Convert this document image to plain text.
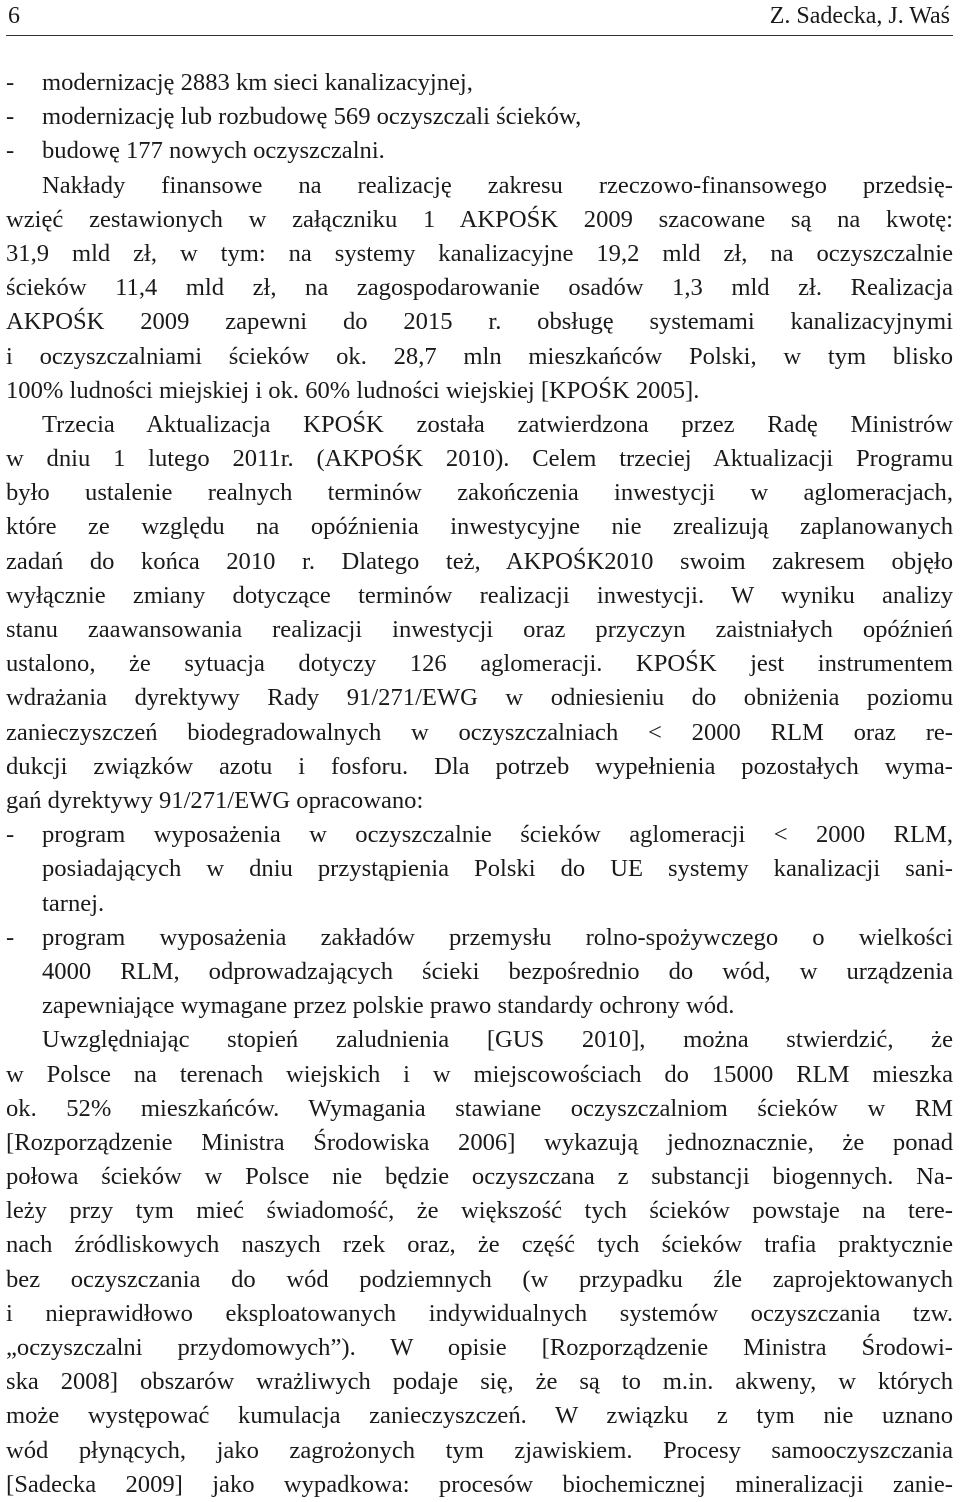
6	Z. Sadecka, J. Waś
-	modernizację 2883 km sieci kanalizacyjnej,
-	modernizację lub rozbudowę 569 oczyszczali ścieków,
-	budowę 177 nowych oczyszczalni.
Nakłady finansowe na realizację zakresu rzeczowo-finansowego przedsię-
wzięć zestawionych w załączniku 1 AKPOŚK 2009 szacowane są na kwotę:
31,9 mld zł, w tym: na systemy kanalizacyjne 19,2 mld zł, na oczyszczalnie
ścieków 11,4 mld zł, na zagospodarowanie osadów 1,3 mld zł. Realizacja
AKPOŚK 2009 zapewni do 2015 r. obsługę systemami kanalizacyjnymi
i oczyszczalniami ścieków ok. 28,7 mln mieszkańców Polski, w tym blisko
100% ludności miejskiej i ok. 60% ludności wiejskiej [KPOŚK 2005].
Trzecia Aktualizacja KPOŚK została zatwierdzona przez Radę Ministrów
w dniu 1 lutego 2011r. (AKPOŚK 2010). Celem trzeciej Aktualizacji Programu
było ustalenie realnych terminów zakończenia inwestycji w aglomeracjach,
które ze względu na opóźnienia inwestycyjne nie zrealizują zaplanowanych
zadań do końca 2010 r. Dlatego też, AKPOŚK2010 swoim zakresem objęło
wyłącznie zmiany dotyczące terminów realizacji inwestycji. W wyniku analizy
stanu zaawansowania realizacji inwestycji oraz przyczyn zaistniałych opóźnień
ustalono, że sytuacja dotyczy 126 aglomeracji. KPOŚK jest instrumentem
wdrażania dyrektywy Rady 91/271/EWG w odniesieniu do obniżenia poziomu
zanieczyszczeń biodegradowalnych w oczyszczalniach < 2000 RLM oraz re-
dukcji związków azotu i fosforu. Dla potrzeb wypełnienia pozostałych wyma-
gań dyrektywy 91/271/EWG opracowano:
-	program wyposażenia w oczyszczalnie ścieków aglomeracji < 2000 RLM,
posiadających w dniu przystąpienia Polski do UE systemy kanalizacji sani-
tarnej.
-	program wyposażenia zakładów przemysłu rolno-spożywczego o wielkości
4000 RLM, odprowadzających ścieki bezpośrednio do wód, w urządzenia
zapewniające wymagane przez polskie prawo standardy ochrony wód.
Uwzględniając stopień zaludnienia [GUS 2010], można stwierdzić, że
w Polsce na terenach wiejskich i w miejscowościach do 15000 RLM mieszka
ok. 52% mieszkańców. Wymagania stawiane oczyszczalniom ścieków w RM
[Rozporządzenie Ministra Środowiska 2006] wykazują jednoznacznie, że ponad
połowa ścieków w Polsce nie będzie oczyszczana z substancji biogennych. Na-
leży przy tym mieć świadomość, że większość tych ścieków powstaje na tere-
nach źródliskowych naszych rzek oraz, że część tych ścieków trafia praktycznie
bez oczyszczania do wód podziemnych (w przypadku źle zaprojektowanych
i nieprawidłowo eksploatowanych indywidualnych systemów oczyszczania tzw.
„oczyszczalni przydomowych”). W opisie [Rozporządzenie Ministra Środowi-
ska 2008] obszarów wrażliwych podaje się, że są to m.in. akweny, w których
może występować kumulacja zanieczyszczeń. W związku z tym nie uznano
wód płynących, jako zagrożonych tym zjawiskiem. Procesy samooczyszczania
[Sadecka 2009] jako wypadkowa: procesów biochemicznej mineralizacji zanie-
